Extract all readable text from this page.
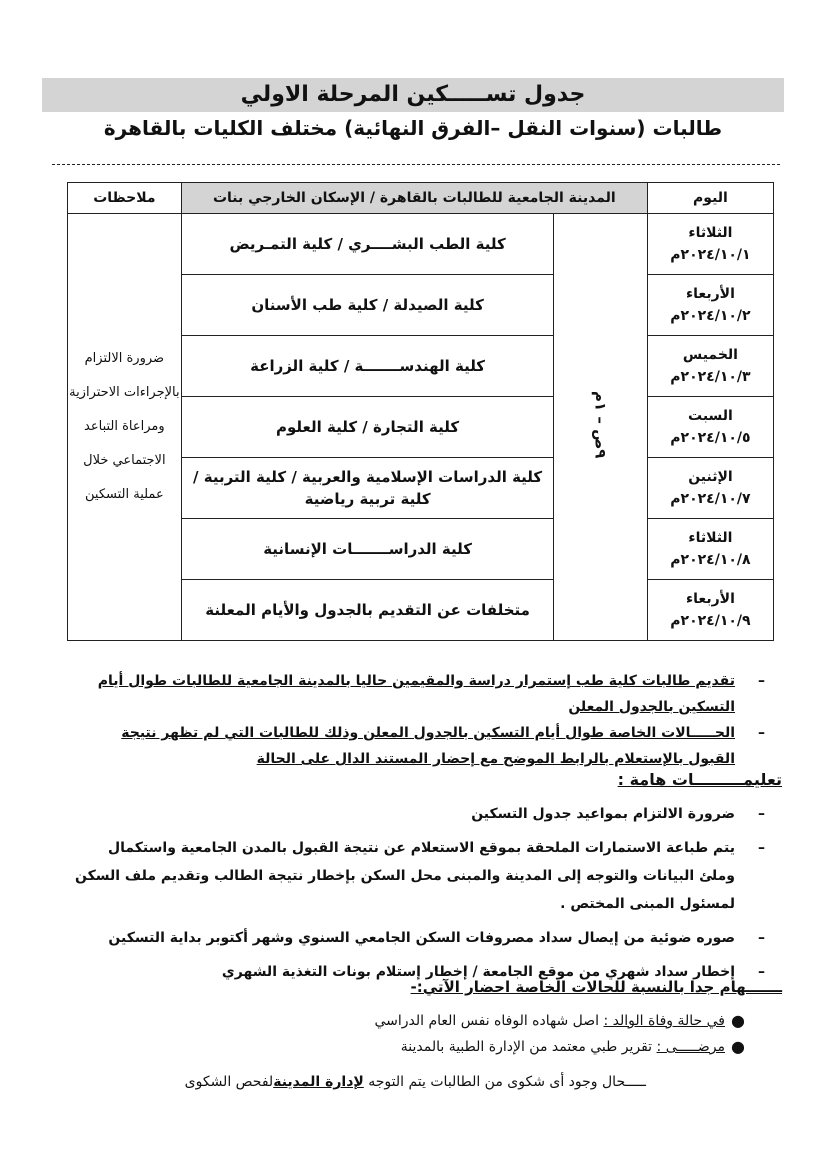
جدول تســـــكين المرحلة الاولي
طالبات (سنوات النقل –الفرق النهائية) مختلف الكليات بالقاهرة
اليوم	المدينة الجامعية للطالبات بالقاهرة / الإسكان الخارجي بنات		ملاحظات

الثلاثاء
٢٠٢٤/١٠/١م	٩ص – ١م	كلية الطب البشــــري / كلية التمـريض	ضرورة الالتزام بالإجراءات الاحترازية ومراعاة التباعد الاجتماعي خلال عملية التسكين

الأربعاء
٢٠٢٤/١٠/٢م		كلية الصيدلة / كلية طب الأسنان	

الخميس
٢٠٢٤/١٠/٣م		كلية الهندســـــــة / كلية الزراعة	

السبت
٢٠٢٤/١٠/٥م		كلية التجارة / كلية العلوم	

الإثنين
٢٠٢٤/١٠/٧م		كلية الدراسات الإسلامية والعربية / كلية التربية / كلية تربية رياضية	

الثلاثاء
٢٠٢٤/١٠/٨م		كلية الدراســـــــات الإنسانية	

الأربعاء
٢٠٢٤/١٠/٩م		متخلفات عن التقديم بالجدول والأيام المعلنة	
–
تقديم طالبات كلية طب إستمرار دراسة والمقيمين حاليا بالمدينة الجامعية للطالبات طوال أيام التسكين بالجدول المعلن
–
الحـــــالات الخاصة طوال أيام التسكين بالجدول المعلن وذلك للطالبات التي لم تظهر نتيجة القبول بالإستعلام بالرابط الموضح مع إحضار المستند الدال على الحالة
تعليمـــــــــات هامة :
–
ضرورة الالتزام بمواعيد جدول التسكين
–
يتم طباعة الاستمارات الملحقة بموقع الاستعلام عن نتيجة القبول بالمدن الجامعية واستكمال وملئ البيانات والتوجه إلى المدينة والمبنى محل السكن بإخطار نتيجة الطالب وتقديم ملف السكن لمسئول المبنى المختص .
–
صوره ضوئية من إيصال سداد مصروفات السكن الجامعي السنوي وشهر أكتوبر بداية التسكين
–
إخطار سداد شهري من موقع الجامعة / إخطار إستلام بونات التغذية الشهري
ـــــــهام جدا بالنسبة للحالات الخاصة احضار الآتي:-
●
في حالة وفاة الوالد : اصل شهاده الوفاه نفس العام الدراسي
●
مرضـــــى : تقرير طبي معتمد من الإدارة الطبية بالمدينة
ـــــحال وجود أى شكوى من الطالبات يتم التوجه لإدارة المدينةلفحص الشكوى
